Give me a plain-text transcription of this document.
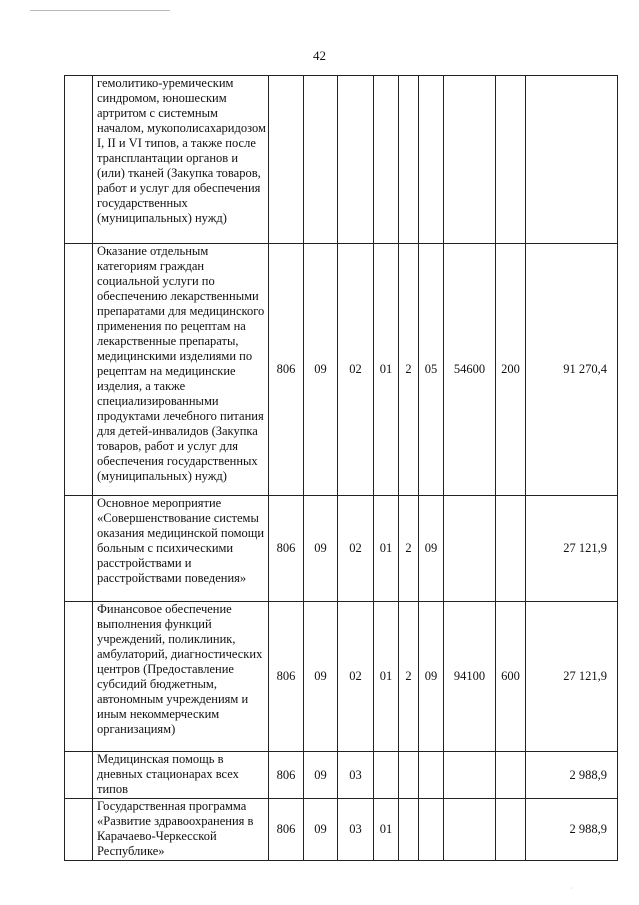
42
	гемолитико-уремическим синдромом, юношеским артритом с системным началом, мукополисахаридозом I, II и VI типов, а также после трансплантации органов и (или) тканей (Закупка товаров, работ и услуг для обеспечения государственных (муниципальных) нужд)									
	Оказание отдельным категориям граждан социальной услуги по обеспечению лекарственными препаратами для медицинского применения по рецептам на лекарственные препараты, медицинскими изделиями по рецептам на медицинские изделия, а также специализированными продуктами лечебного питания для детей-инвалидов (Закупка товаров, работ и услуг для обеспечения государственных (муниципальных) нужд)	806	09	02	01	2	05	54600	200	91 270,4
	Основное мероприятие «Совершенствование системы оказания медицинской помощи больным с психическими расстройствами и расстройствами поведения»	806	09	02	01	2	09			27 121,9
	Финансовое обеспечение выполнения функций учреждений, поликлиник, амбулаторий, диагностических центров (Предоставление субсидий бюджетным, автономным учреждениям и иным некоммерческим организациям)	806	09	02	01	2	09	94100	600	27 121,9
	Медицинская помощь в дневных стационарах всех типов	806	09	03						2 988,9
	Государственная программа «Развитие здравоохранения в Карачаево-Черкесской Республике»	806	09	03	01					2 988,9
·
